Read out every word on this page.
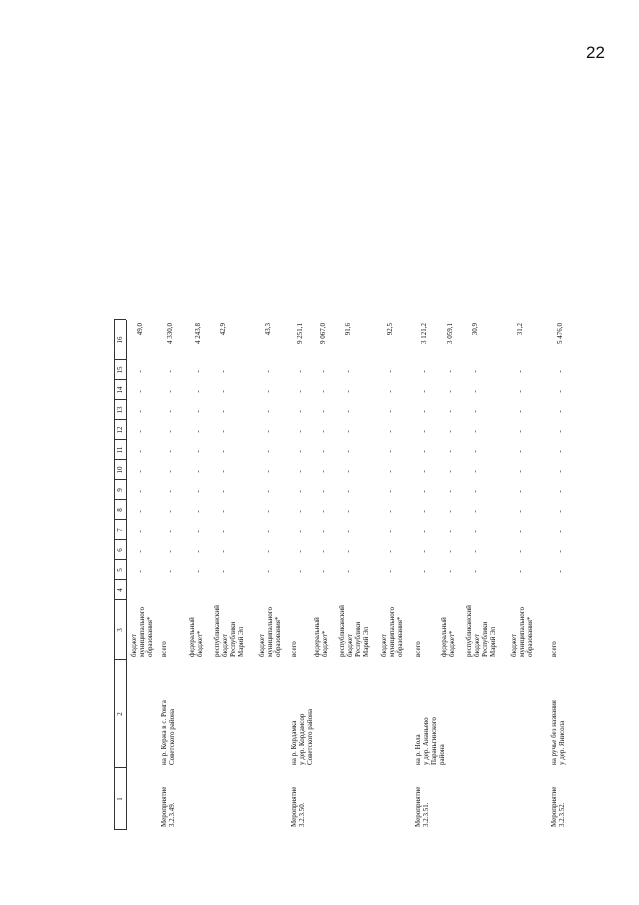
22
1
2
3
4
5
6
7
8
9
10
11
12
13
14
15
16
бюджет муниципального образования*
-
-
-
-
-
-
-
-
-
-
-
49,0
Мероприятие 3.2.3.49.
на р. Кержа в с. Ронга Советского района
всего
-
-
-
-
-
-
-
-
-
-
-
4 330,0
федеральный бюджет*
-
-
-
-
-
-
-
-
-
-
-
4 243,8
республиканский бюджет Республики Марий Эл
-
-
-
-
-
-
-
-
-
-
-
42,9
бюджет муниципального образования*
-
-
-
-
-
-
-
-
-
-
-
43,3
Мероприятие 3.2.3.50.
на р. Кордамка у дер. Кордамсор Советского района
всего
-
-
-
-
-
-
-
-
-
-
-
9 251,1
федеральный бюджет*
-
-
-
-
-
-
-
-
-
-
-
9 067,0
республиканский бюджет Республики Марий Эл
-
-
-
-
-
-
-
-
-
-
-
91,6
бюджет муниципального образования*
-
-
-
-
-
-
-
-
-
-
-
92,5
Мероприятие 3.2.3.51.
на р. Нола у дер. Ананьево Параньгинского района
всего
-
-
-
-
-
-
-
-
-
-
-
3 121,2
федеральный бюджет*
-
-
-
-
-
-
-
-
-
-
-
3 059,1
республиканский бюджет Республики Марий Эл
-
-
-
-
-
-
-
-
-
-
-
30,9
бюджет муниципального образования*
-
-
-
-
-
-
-
-
-
-
-
31,2
Мероприятие 3.2.3.52.
на ручье без названия у дер. Янисола
всего
-
-
-
-
-
-
-
-
-
-
-
5 476,0
